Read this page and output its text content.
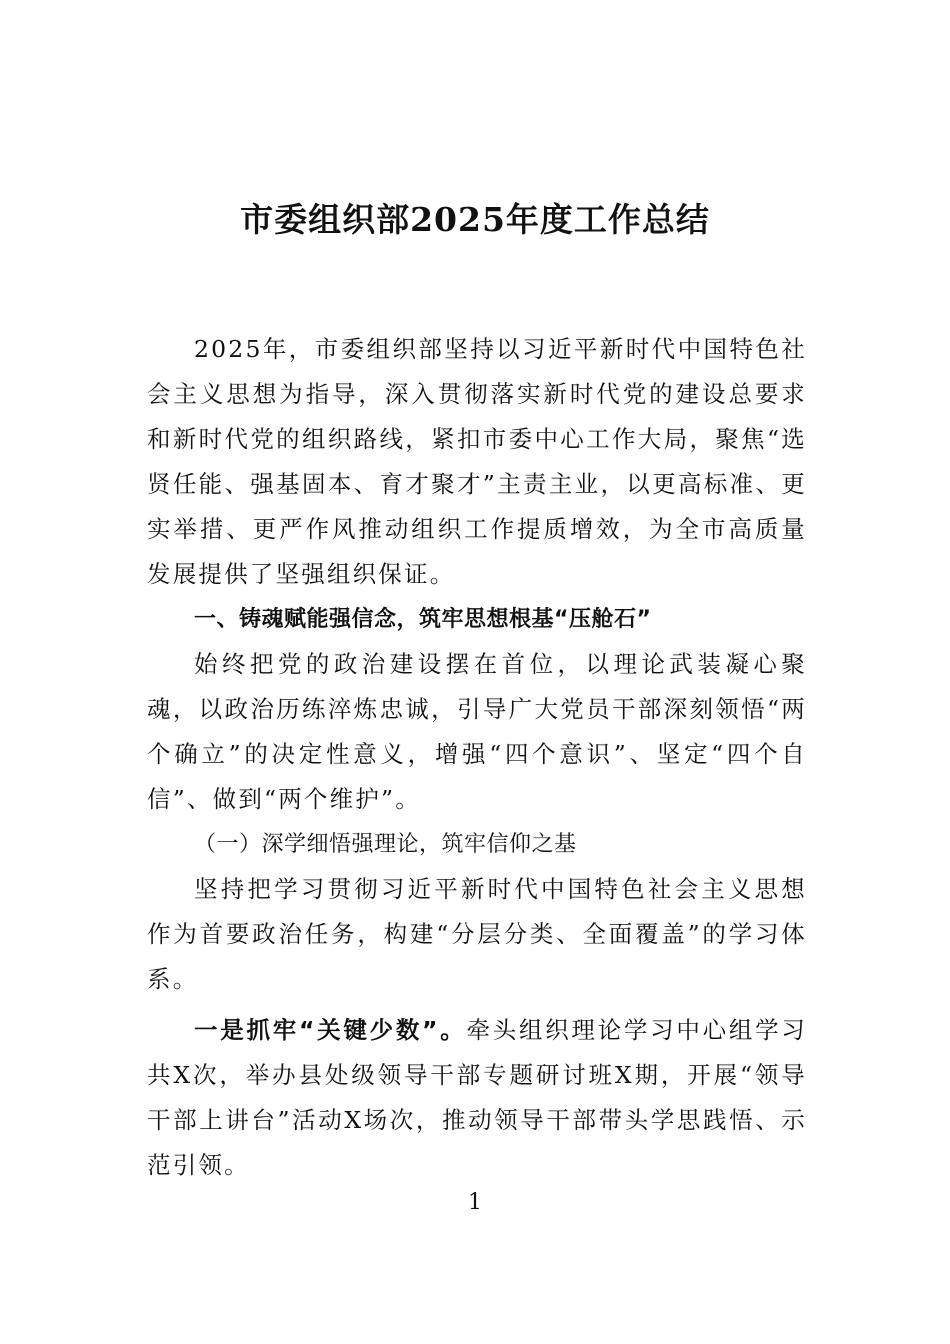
市委组织部2025年度工作总结

2025年，市委组织部坚持以习近平新时代中国特色社会主义思想为指导，深入贯彻落实新时代党的建设总要求和新时代党的组织路线，紧扣市委中心工作大局，聚焦“选贤任能、强基固本、育才聚才”主责主业，以更高标准、更实举措、更严作风推动组织工作提质增效，为全市高质量发展提供了坚强组织保证。

一、铸魂赋能强信念，筑牢思想根基“压舱石”

始终把党的政治建设摆在首位，以理论武装凝心聚魂，以政治历练淬炼忠诚，引导广大党员干部深刻领悟“两个确立”的决定性意义，增强“四个意识”、坚定“四个自信”、做到“两个维护”。

（一）深学细悟强理论，筑牢信仰之基

坚持把学习贯彻习近平新时代中国特色社会主义思想作为首要政治任务，构建“分层分类、全面覆盖”的学习体系。

一是抓牢“关键少数”。牵头组织理论学习中心组学习共X次，举办县处级领导干部专题研讨班X期，开展“领导干部上讲台”活动X场次，推动领导干部带头学思践悟、示范引领。

1
